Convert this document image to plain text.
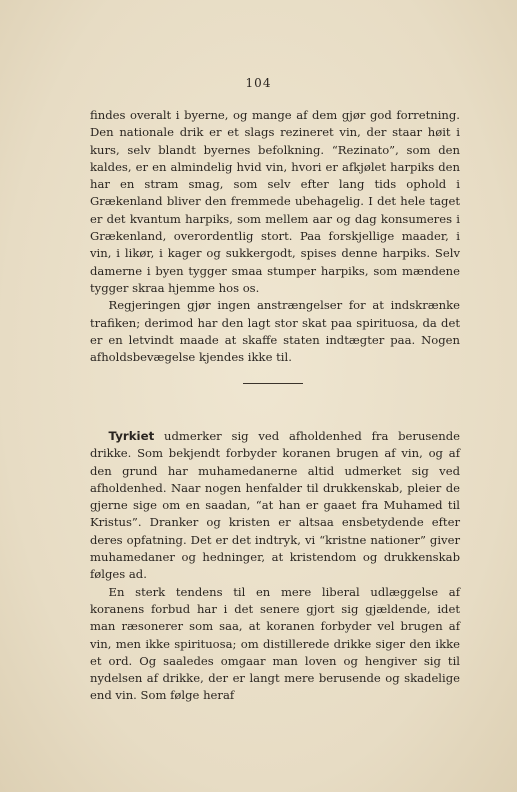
104

findes overalt i byerne, og mange af dem gjør god forretning. Den nationale drik er et slags rezineret vin, der staar høit i kurs, selv blandt byernes befolkning. “Rezinato”, som den kaldes, er en almindelig hvid vin, hvori er afkjølet harpiks den har en stram smag, som selv efter lang tids ophold i Grækenland bliver den fremmede ubehagelig. I det hele taget er det kvantum harpiks, som mellem aar og dag konsumeres i Grækenland, overordentlig stort. Paa forskjellige maader, i vin, i likør, i kager og sukkergodt, spises denne harpiks. Selv damerne i byen tygger smaa stumper harpiks, som mændene tygger skraa hjemme hos os.

Regjeringen gjør ingen anstrængelser for at indskrænke trafiken; derimod har den lagt stor skat paa spirituosa, da det er en letvindt maade at skaffe staten indtægter paa. Nogen afholdsbevægelse kjendes ikke til.

Tyrkiet udmerker sig ved afholdenhed fra berusende drikke. Som bekjendt forbyder koranen brugen af vin, og af den grund har muhamedanerne altid udmerket sig ved afholdenhed. Naar nogen henfalder til drukkenskab, pleier de gjerne sige om en saadan, “at han er gaaet fra Muhamed til Kristus”. Dranker og kristen er altsaa ensbetydende efter deres opfatning. Det er det indtryk, vi “kristne nationer” giver muhamedaner og hedninger, at kristendom og drukkenskab følges ad.

En sterk tendens til en mere liberal udlæggelse af koranens forbud har i det senere gjort sig gjældende, idet man ræsonerer som saa, at koranen forbyder vel brugen af vin, men ikke spirituosa; om distillerede drikke siger den ikke et ord. Og saaledes omgaar man loven og hengiver sig til nydelsen af drikke, der er langt mere berusende og skadelige end vin. Som følge heraf
